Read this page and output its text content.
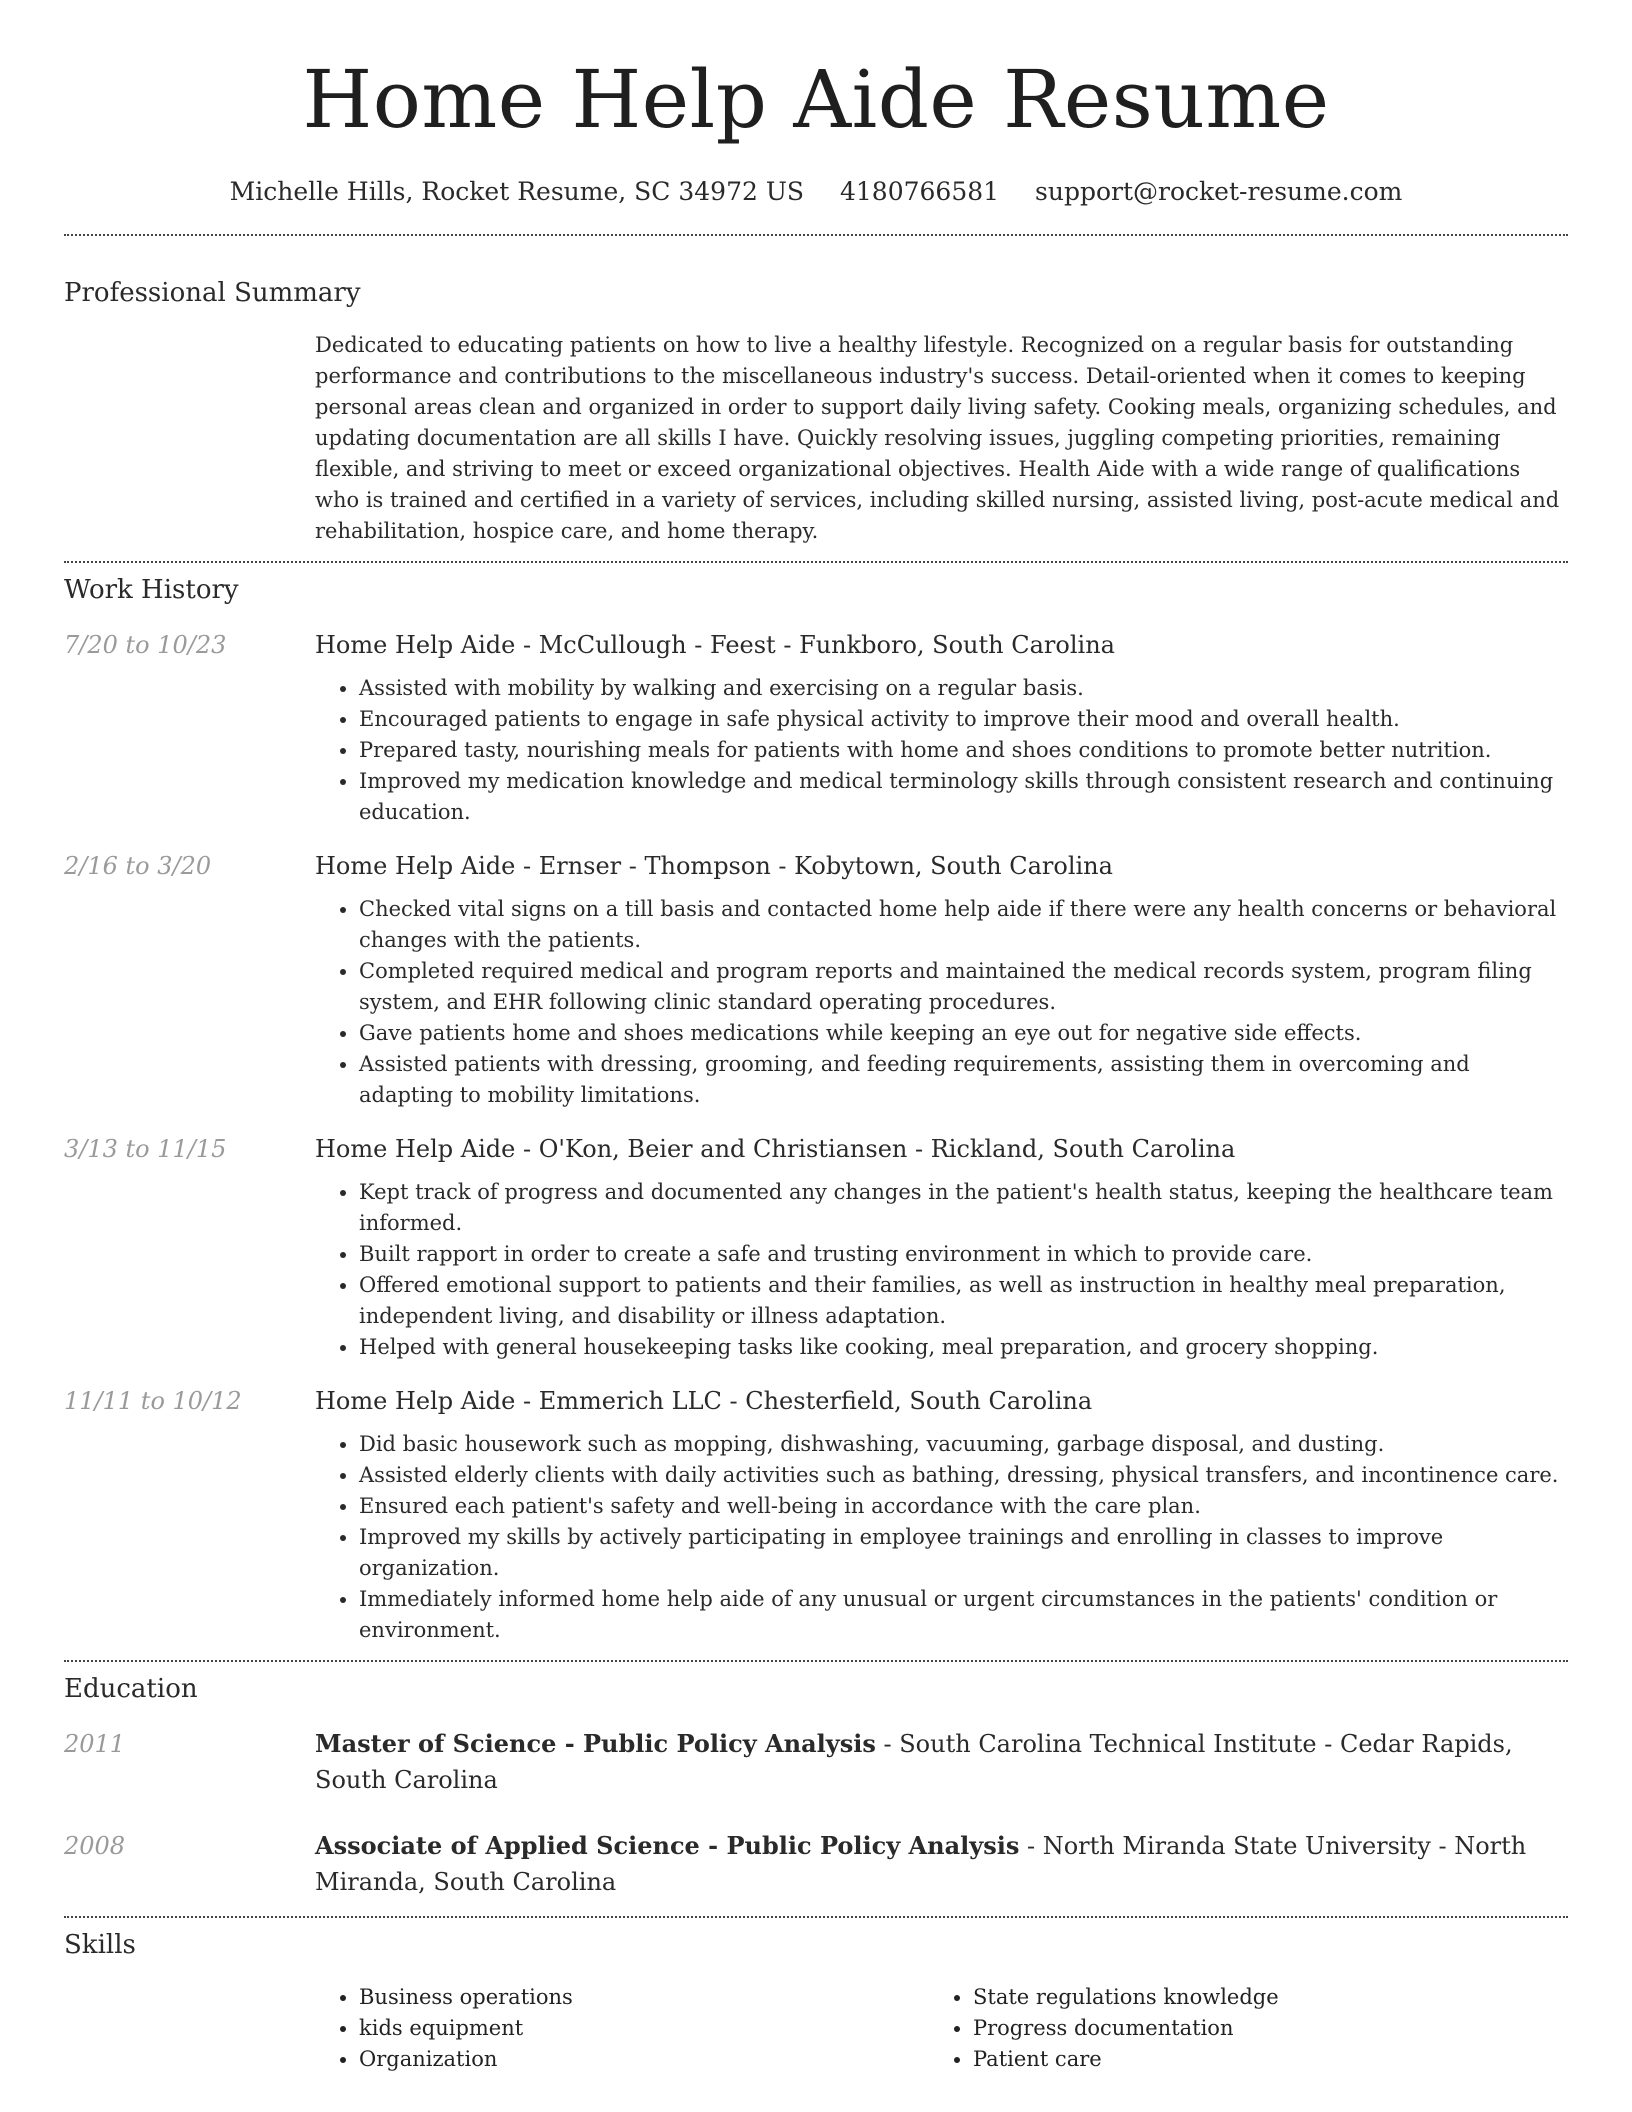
Home Help Aide Resume
Michelle Hills, Rocket Resume, SC 34972 US 4180766581 support@rocket-resume.com
Professional Summary
Dedicated to educating patients on how to live a healthy lifestyle. Recognized on a regular basis for outstanding performance and contributions to the miscellaneous industry's success. Detail-oriented when it comes to keeping personal areas clean and organized in order to support daily living safety. Cooking meals, organizing schedules, and updating documentation are all skills I have. Quickly resolving issues, juggling competing priorities, remaining flexible, and striving to meet or exceed organizational objectives. Health Aide with a wide range of qualifications who is trained and certified in a variety of services, including skilled nursing, assisted living, post-acute medical and rehabilitation, hospice care, and home therapy.
Work History
7/20 to 10/23	Home Help Aide - McCullough - Feest - Funkboro, South Carolina
• Assisted with mobility by walking and exercising on a regular basis.
• Encouraged patients to engage in safe physical activity to improve their mood and overall health.
• Prepared tasty, nourishing meals for patients with home and shoes conditions to promote better nutrition.
• Improved my medication knowledge and medical terminology skills through consistent research and continuing education.
2/16 to 3/20	Home Help Aide - Ernser - Thompson - Kobytown, South Carolina
• Checked vital signs on a till basis and contacted home help aide if there were any health concerns or behavioral changes with the patients.
• Completed required medical and program reports and maintained the medical records system, program filing system, and EHR following clinic standard operating procedures.
• Gave patients home and shoes medications while keeping an eye out for negative side effects.
• Assisted patients with dressing, grooming, and feeding requirements, assisting them in overcoming and adapting to mobility limitations.
3/13 to 11/15	Home Help Aide - O'Kon, Beier and Christiansen - Rickland, South Carolina
• Kept track of progress and documented any changes in the patient's health status, keeping the healthcare team informed.
• Built rapport in order to create a safe and trusting environment in which to provide care.
• Offered emotional support to patients and their families, as well as instruction in healthy meal preparation, independent living, and disability or illness adaptation.
• Helped with general housekeeping tasks like cooking, meal preparation, and grocery shopping.
11/11 to 10/12	Home Help Aide - Emmerich LLC - Chesterfield, South Carolina
• Did basic housework such as mopping, dishwashing, vacuuming, garbage disposal, and dusting.
• Assisted elderly clients with daily activities such as bathing, dressing, physical transfers, and incontinence care.
• Ensured each patient's safety and well-being in accordance with the care plan.
• Improved my skills by actively participating in employee trainings and enrolling in classes to improve organization.
• Immediately informed home help aide of any unusual or urgent circumstances in the patients' condition or environment.
Education
2011	Master of Science - Public Policy Analysis - South Carolina Technical Institute - Cedar Rapids, South Carolina
2008	Associate of Applied Science - Public Policy Analysis - North Miranda State University - North Miranda, South Carolina
Skills
• Business operations
• kids equipment
• Organization
• State regulations knowledge
• Progress documentation
• Patient care
